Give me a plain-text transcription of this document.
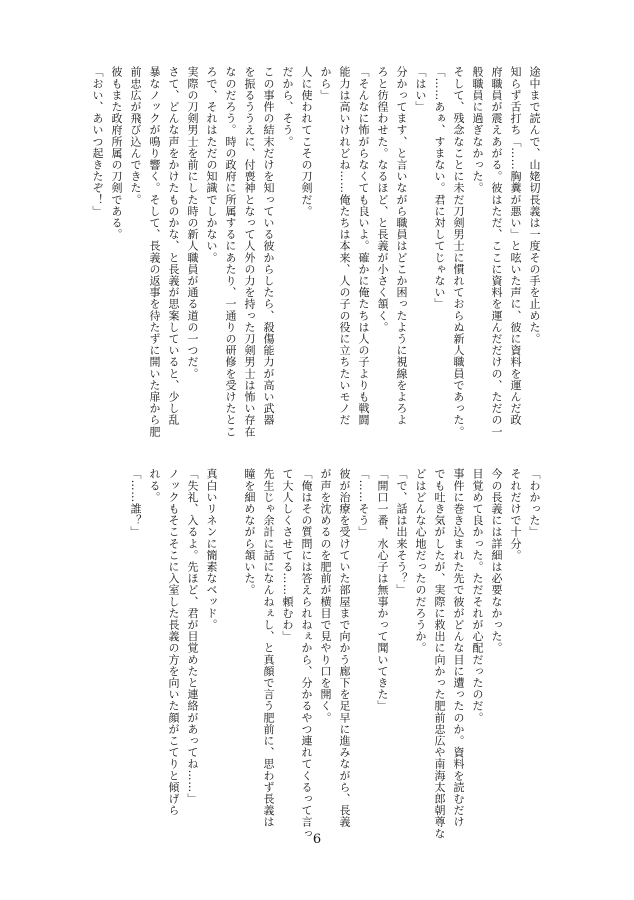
途中まで読んで、山姥切長義は一度その手を止めた。
知らず舌打ち「……胸糞が悪い」と呟いた声に、彼に資料を運んだ政
府職員が震えあがる。彼はただ、ここに資料を運んだだけの、ただの一
般職員に過ぎなかった。
そして、残念なことに未だ刀剣男士に慣れておらぬ新人職員であった。
「……あぁ、すまない。君に対してじゃない」
「はい」
分かってます、と言いながら職員はどこか困ったように視線をよろよ
ろと彷徨わせた。なるほど、と長義が小さく頷く。
「そんなに怖がらなくても良いよ。確かに俺たちは人の子よりも戦闘
能力は高いけれどね……俺たちは本来、人の子の役に立ちたいモノだ
から」
人に使われてこその刀剣だ。
だから、そう。
この事件の結末だけを知っている彼からしたら、殺傷能力が高い武器
を振るううえに、付喪神となって人外の力を持った刀剣男士は怖い存在
なのだろう。時の政府に所属するにあたり、一通りの研修を受けたとこ
ろで、それはただの知識でしかない。
実際の刀剣男士を前にした時の新人職員が通る道の一つだ。
さて、どんな声をかけたものかな、と長義が思案していると、少し乱
暴なノックが鳴り響く。そして、長義の返事を待たずに開いた扉から肥
前忠広が飛び込んできた。
彼もまた政府所属の刀剣である。
「おい、あいつ起きたぞ！」
「わかった」
それだけで十分。
今の長義には詳細は必要なかった。
目覚めて良かった。ただそれが心配だったのだ。
事件に巻き込まれた先で彼がどんな目に遭ったのか。資料を読むだけ
でも吐き気がしたが、実際に救出に向かった肥前忠広や南海太郎朝尊な
どはどんな心地だったのだろうか。
「で、話は出来そう？」
「開口一番、水心子は無事かって聞いてきた」
「……そう」
彼が治療を受けていた部屋まで向かう廊下を足早に進みながら、長義
が声を沈めるのを肥前が横目で見やり口を開く。
「俺はその質問には答えられねぇから、分かるやつ連れてくるって言っ
て大人しくさせてる……頼むわ」
先生じゃ余計に話になんねぇし、と真顔で言う肥前に、思わず長義は
瞳を細めながら頷いた。

真白いリネンに簡素なベッド。
「失礼、入るよ。先ほど、君が目覚めたと連絡があってね……」
ノックもそこそこに入室した長義の方を向いた顔がこてりと傾げら
れる。
「……誰？」
6
